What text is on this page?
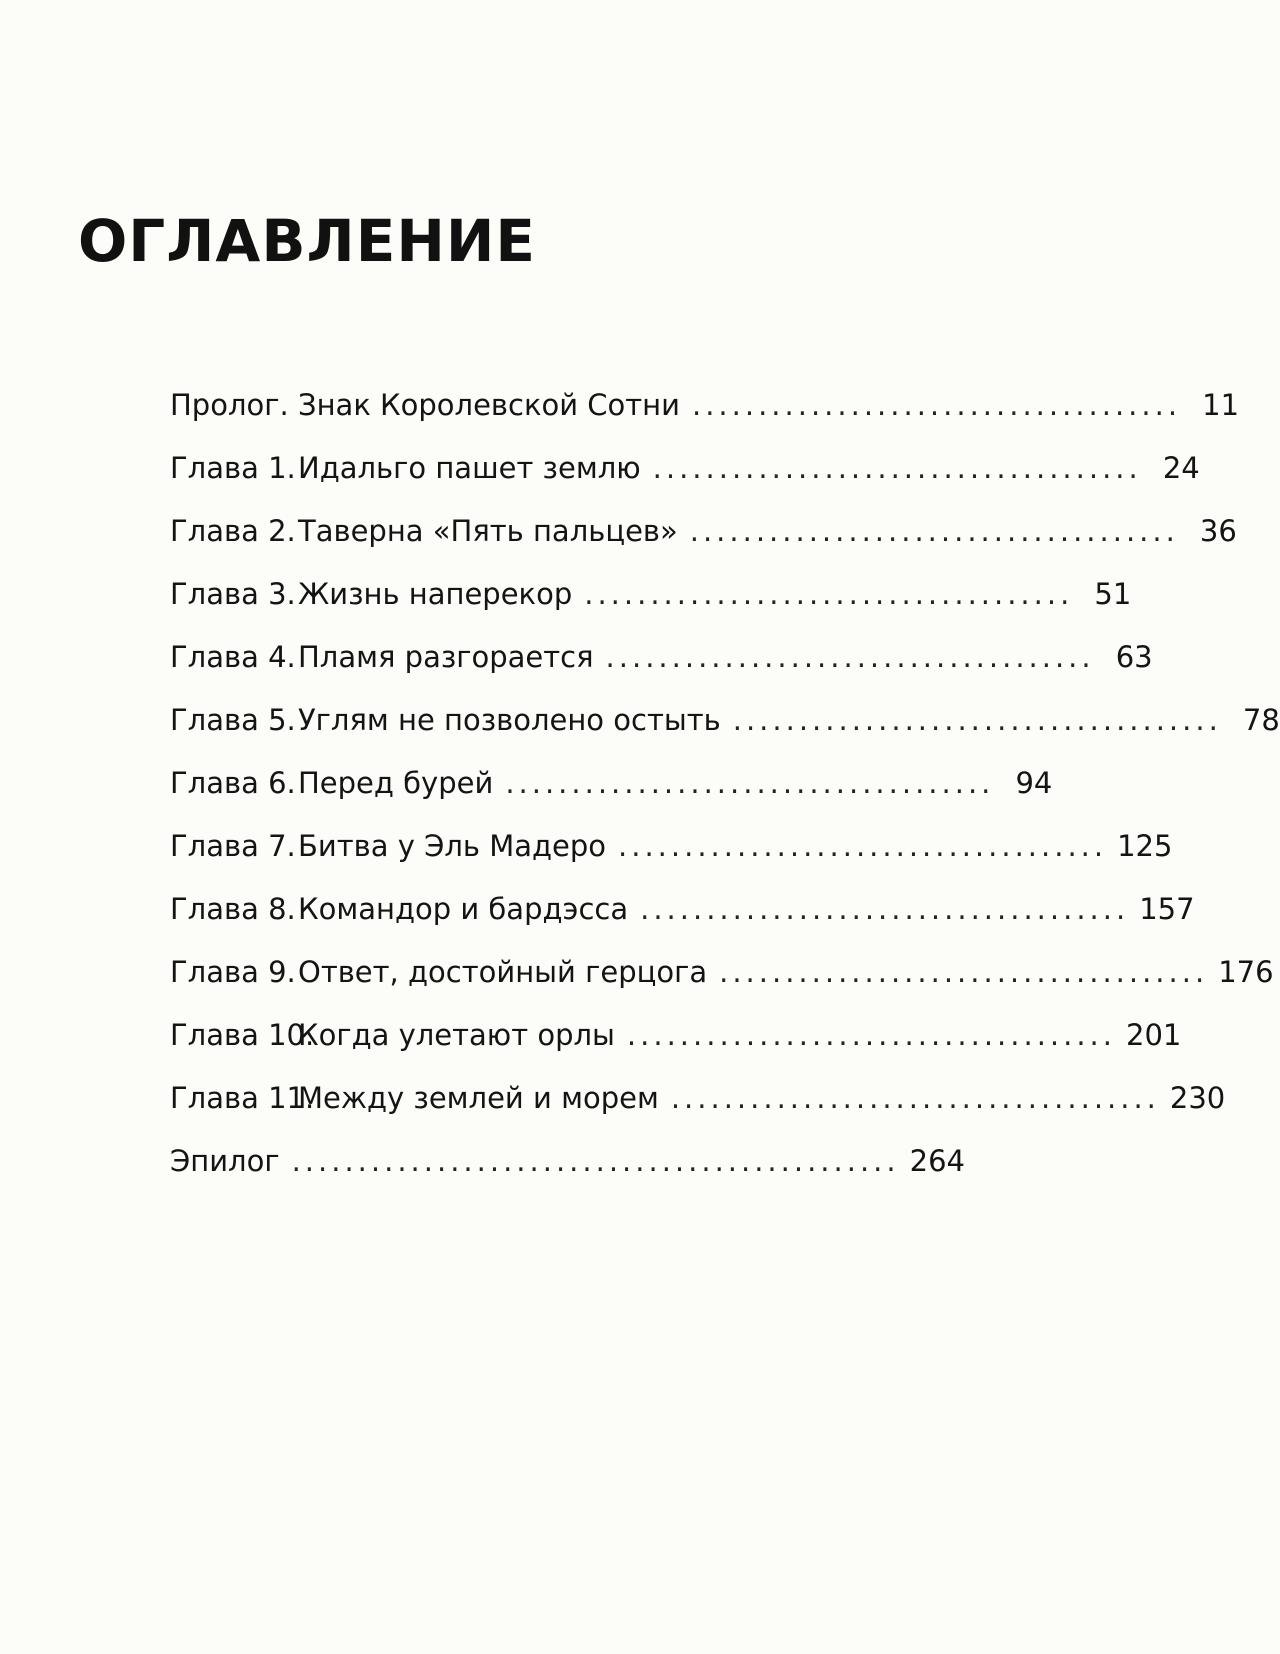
ОГЛАВЛЕНИЕ
Пролог. Знак Королевской Сотни ..................................... 11
Глава 1. Идальго пашет землю ..................................... 24
Глава 2. Таверна «Пять пальцев» ..................................... 36
Глава 3. Жизнь наперекор ..................................... 51
Глава 4. Пламя разгорается ..................................... 63
Глава 5. Углям не позволено остыть ..................................... 78
Глава 6. Перед бурей ..................................... 94
Глава 7. Битва у Эль Мадеро ..................................... 125
Глава 8. Командор и бардэсса ..................................... 157
Глава 9. Ответ, достойный герцога ..................................... 176
Глава 10.
Когда улетают орлы ..................................... 201
Глава 11.
Между землей и морем ..................................... 230
Эпилог .............................................. 264
